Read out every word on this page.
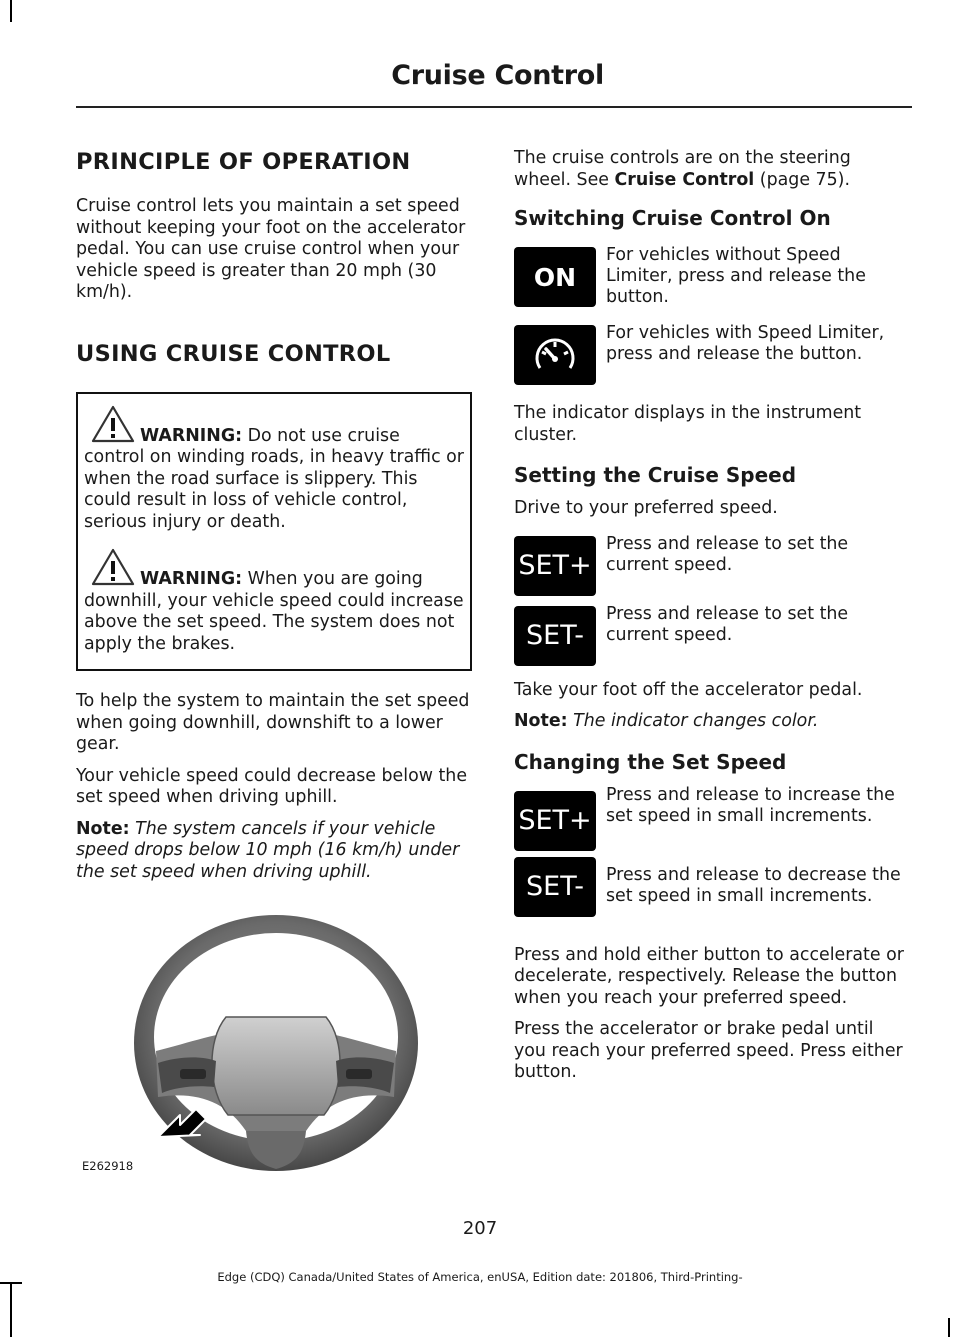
Cruise Control
PRINCIPLE OF OPERATION

Cruise control lets you maintain a set speed without keeping your foot on the accelerator pedal. You can use cruise control when your vehicle speed is greater than 20 mph (30 km/h).

USING CRUISE CONTROL
WARNING: Do not use cruise control on winding roads, in heavy traffic or when the road surface is slippery. This could result in loss of vehicle control, serious injury or death.
WARNING: When you are going downhill, your vehicle speed could increase above the set speed. The system does not apply the brakes.

To help the system to maintain the set speed when going downhill, downshift to a lower gear.

Your vehicle speed could decrease below the set speed when driving uphill.

Note: The system cancels if your vehicle speed drops below 10 mph (16 km/h) under the set speed when driving uphill.

E262918

The cruise controls are on the steering wheel. See Cruise Control (page 75).

Switching Cruise Control On
ON
For vehicles without Speed Limiter, press and release the button.
For vehicles with Speed Limiter, press and release the button.

The indicator displays in the instrument cluster.

Setting the Cruise Speed

Drive to your preferred speed.

SET+
Press and release to set the current speed.
SET-
Press and release to set the current speed.

Take your foot off the accelerator pedal.

Note: The indicator changes color.

Changing the Set Speed
SET+
Press and release to increase the set speed in small increments.
SET- Press and release to decrease the set speed in small increments.

Press and hold either button to accelerate or decelerate, respectively. Release the button when you reach your preferred speed.

Press the accelerator or brake pedal until you reach your preferred speed. Press either button.

207
Edge (CDQ) Canada/United States of America, enUSA, Edition date: 201806, Third-Printing-
